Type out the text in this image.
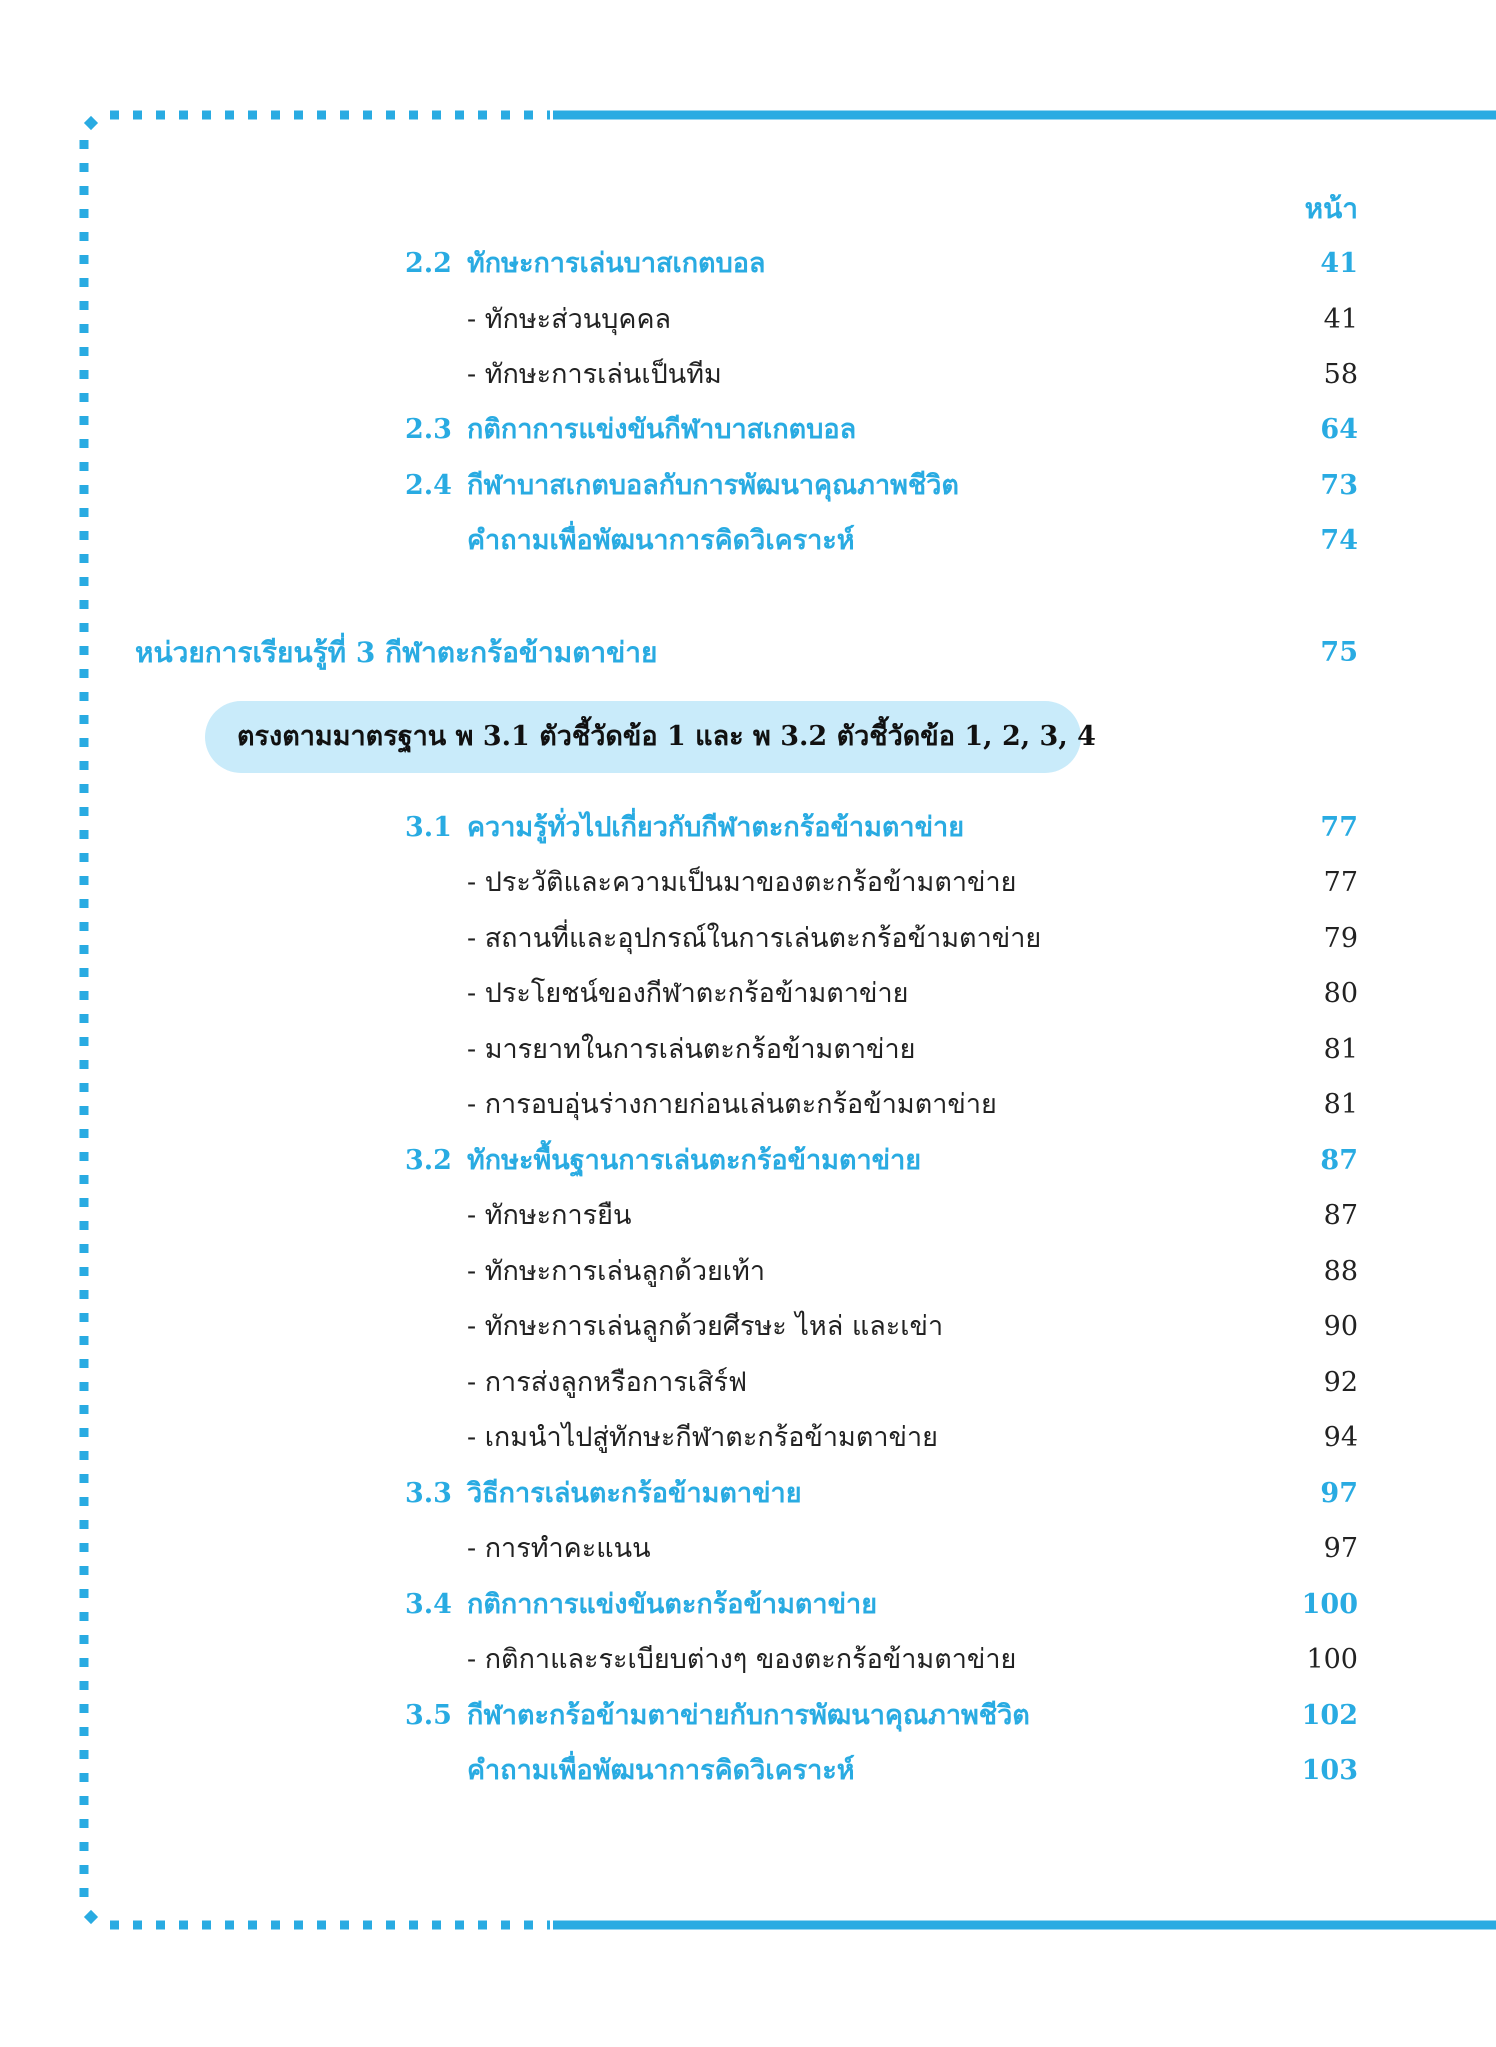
หน้า
2.2 ทักษะการเล่นบาสเกตบอล	41
- ทักษะส่วนบุคคล	41
- ทักษะการเล่นเป็นทีม	58
2.3 กติกาการแข่งขันกีฬาบาสเกตบอล	64
2.4 กีฬาบาสเกตบอลกับการพัฒนาคุณภาพชีวิต	73
คำถามเพื่อพัฒนาการคิดวิเคราะห์	74
หน่วยการเรียนรู้ที่ 3 กีฬาตะกร้อข้ามตาข่าย	75
ตรงตามมาตรฐาน พ 3.1 ตัวชี้วัดข้อ 1 และ พ 3.2 ตัวชี้วัดข้อ 1, 2, 3, 4
3.1 ความรู้ทั่วไปเกี่ยวกับกีฬาตะกร้อข้ามตาข่าย	77
- ประวัติและความเป็นมาของตะกร้อข้ามตาข่าย	77
- สถานที่และอุปกรณ์ในการเล่นตะกร้อข้ามตาข่าย	79
- ประโยชน์ของกีฬาตะกร้อข้ามตาข่าย	80
- มารยาทในการเล่นตะกร้อข้ามตาข่าย	81
- การอบอุ่นร่างกายก่อนเล่นตะกร้อข้ามตาข่าย	81
3.2 ทักษะพื้นฐานการเล่นตะกร้อข้ามตาข่าย	87
- ทักษะการยืน	87
- ทักษะการเล่นลูกด้วยเท้า	88
- ทักษะการเล่นลูกด้วยศีรษะ ไหล่ และเข่า	90
- การส่งลูกหรือการเสิร์ฟ	92
- เกมนำไปสู่ทักษะกีฬาตะกร้อข้ามตาข่าย	94
3.3 วิธีการเล่นตะกร้อข้ามตาข่าย	97
- การทำคะแนน	97
3.4 กติกาการแข่งขันตะกร้อข้ามตาข่าย	100
- กติกาและระเบียบต่างๆ ของตะกร้อข้ามตาข่าย	100
3.5 กีฬาตะกร้อข้ามตาข่ายกับการพัฒนาคุณภาพชีวิต	102
คำถามเพื่อพัฒนาการคิดวิเคราะห์	103
